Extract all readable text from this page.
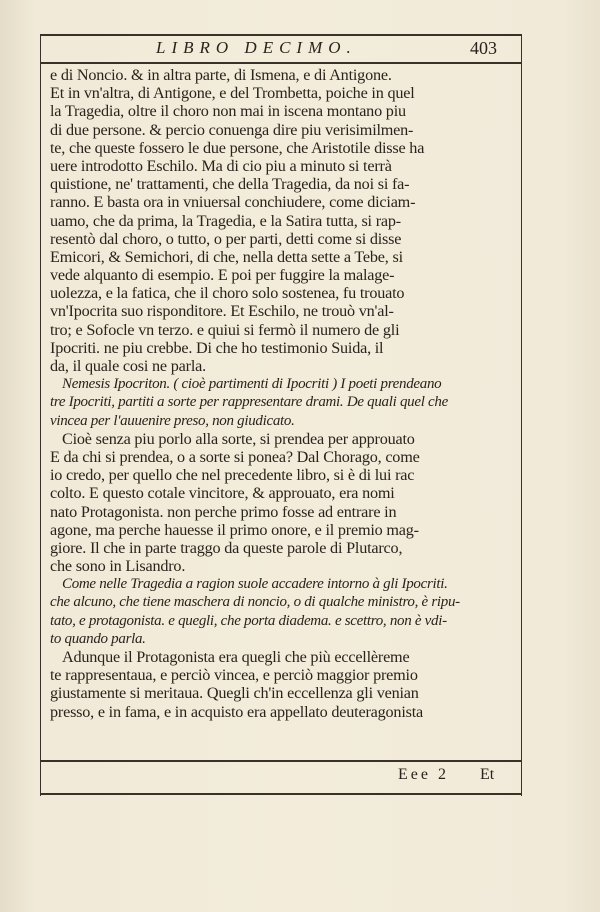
LIBRO DECIMO.	403
e di Noncio. & in altra parte, di Ismena, e di Antigone.
Et in vn'altra, di Antigone, e del Trombetta, poiche in quel
la Tragedia, oltre il choro non mai in iscena montano piu
di due persone. & percio conuenga dire piu verisimilmen-
te, che queste fossero le due persone, che Aristotile disse ha
uere introdotto Eschilo. Ma di cio piu a minuto si terrà
quistione, ne' trattamenti, che della Tragedia, da noi si fa-
ranno. E basta ora in vniuersal conchiudere, come diciam-
uamo, che da prima, la Tragedia, e la Satira tutta, si rap-
resentò dal choro, o tutto, o per parti, detti come si disse
Emicori, & Semichori, di che, nella detta sette a Tebe, si
vede alquanto di esempio. E poi per fuggire la malage-
uolezza, e la fatica, che il choro solo sostenea, fu trouato
vn'Ipocrita suo risponditore. Et Eschilo, ne trouò vn'al-
tro; e Sofocle vn terzo. e quiui si fermò il numero de gli
Ipocriti. ne piu crebbe. Di che ho testimonio Suida, il
da, il quale cosi ne parla.
Nemesis Ipocriton. ( cioè partimenti di Ipocriti ) I poeti prendeano
tre Ipocriti, partiti a sorte per rappresentare drami. De quali quel che
vincea per l'auuenire preso, non giudicato.
Cioè senza piu porlo alla sorte, si prendea per approuato
E da chi si prendea, o a sorte si ponea? Dal Chorago, come
io credo, per quello che nel precedente libro, si è di lui rac
colto. E questo cotale vincitore, & approuato, era nomi
nato Protagonista. non perche primo fosse ad entrare in
agone, ma perche hauesse il primo onore, e il premio mag-
giore. Il che in parte traggo da queste parole di Plutarco,
che sono in Lisandro.
Come nelle Tragedia a ragion suole accadere intorno à gli Ipocriti.
che alcuno, che tiene maschera di noncio, o di qualche ministro, è ripu-
tato, e protagonista. e quegli, che porta diadema. e scettro, non è vdi-
to quando parla.
Adunque il Protagonista era quegli che più eccellèreme
te rappresentaua, e perciò vincea, e perciò maggior premio
giustamente si meritaua. Quegli ch'in eccellenza gli venian
presso, e in fama, e in acquisto era appellato deuteragonista
Eee 2 Et
